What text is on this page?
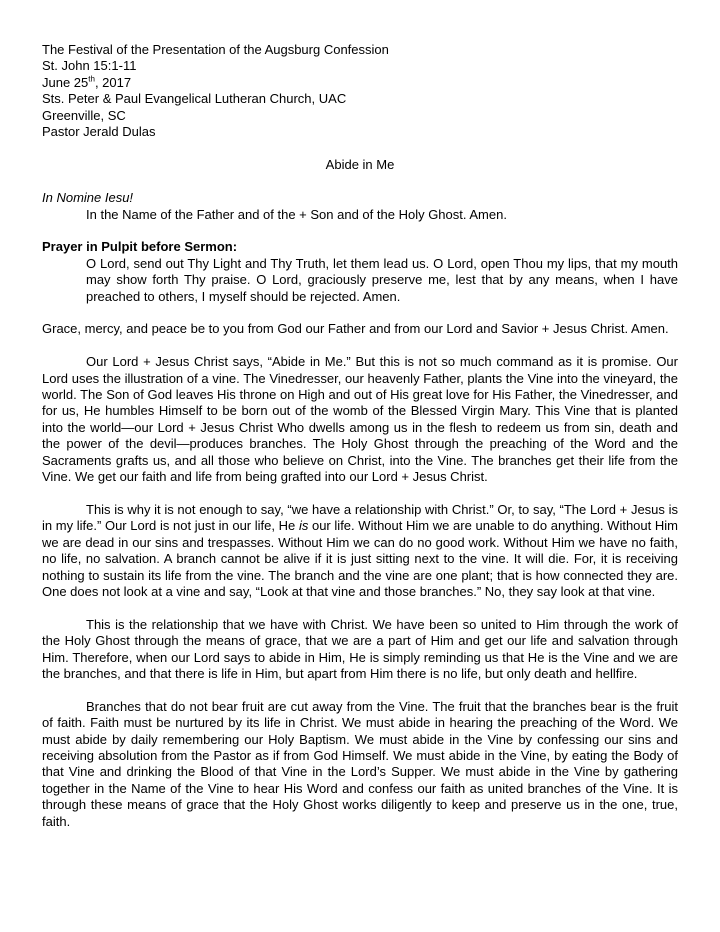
The Festival of the Presentation of the Augsburg Confession
St. John 15:1-11
June 25th, 2017
Sts. Peter & Paul Evangelical Lutheran Church, UAC
Greenville, SC
Pastor Jerald Dulas
Abide in Me
In Nomine Iesu!
In the Name of the Father and of the + Son and of the Holy Ghost. Amen.
Prayer in Pulpit before Sermon:
O Lord, send out Thy Light and Thy Truth, let them lead us. O Lord, open Thou my lips, that my mouth may show forth Thy praise. O Lord, graciously preserve me, lest that by any means, when I have preached to others, I myself should be rejected. Amen.
Grace, mercy, and peace be to you from God our Father and from our Lord and Savior + Jesus Christ. Amen.
Our Lord + Jesus Christ says, “Abide in Me.” But this is not so much command as it is promise. Our Lord uses the illustration of a vine. The Vinedresser, our heavenly Father, plants the Vine into the vineyard, the world. The Son of God leaves His throne on High and out of His great love for His Father, the Vinedresser, and for us, He humbles Himself to be born out of the womb of the Blessed Virgin Mary. This Vine that is planted into the world—our Lord + Jesus Christ Who dwells among us in the flesh to redeem us from sin, death and the power of the devil—produces branches. The Holy Ghost through the preaching of the Word and the Sacraments grafts us, and all those who believe on Christ, into the Vine. The branches get their life from the Vine. We get our faith and life from being grafted into our Lord + Jesus Christ.
This is why it is not enough to say, “we have a relationship with Christ.” Or, to say, “The Lord + Jesus is in my life.” Our Lord is not just in our life, He is our life. Without Him we are unable to do anything. Without Him we are dead in our sins and trespasses. Without Him we can do no good work. Without Him we have no faith, no life, no salvation. A branch cannot be alive if it is just sitting next to the vine. It will die. For, it is receiving nothing to sustain its life from the vine. The branch and the vine are one plant; that is how connected they are. One does not look at a vine and say, “Look at that vine and those branches.” No, they say look at that vine.
This is the relationship that we have with Christ. We have been so united to Him through the work of the Holy Ghost through the means of grace, that we are a part of Him and get our life and salvation through Him. Therefore, when our Lord says to abide in Him, He is simply reminding us that He is the Vine and we are the branches, and that there is life in Him, but apart from Him there is no life, but only death and hellfire.
Branches that do not bear fruit are cut away from the Vine. The fruit that the branches bear is the fruit of faith. Faith must be nurtured by its life in Christ. We must abide in hearing the preaching of the Word. We must abide by daily remembering our Holy Baptism. We must abide in the Vine by confessing our sins and receiving absolution from the Pastor as if from God Himself. We must abide in the Vine, by eating the Body of that Vine and drinking the Blood of that Vine in the Lord’s Supper. We must abide in the Vine by gathering together in the Name of the Vine to hear His Word and confess our faith as united branches of the Vine. It is through these means of grace that the Holy Ghost works diligently to keep and preserve us in the one, true, faith.
